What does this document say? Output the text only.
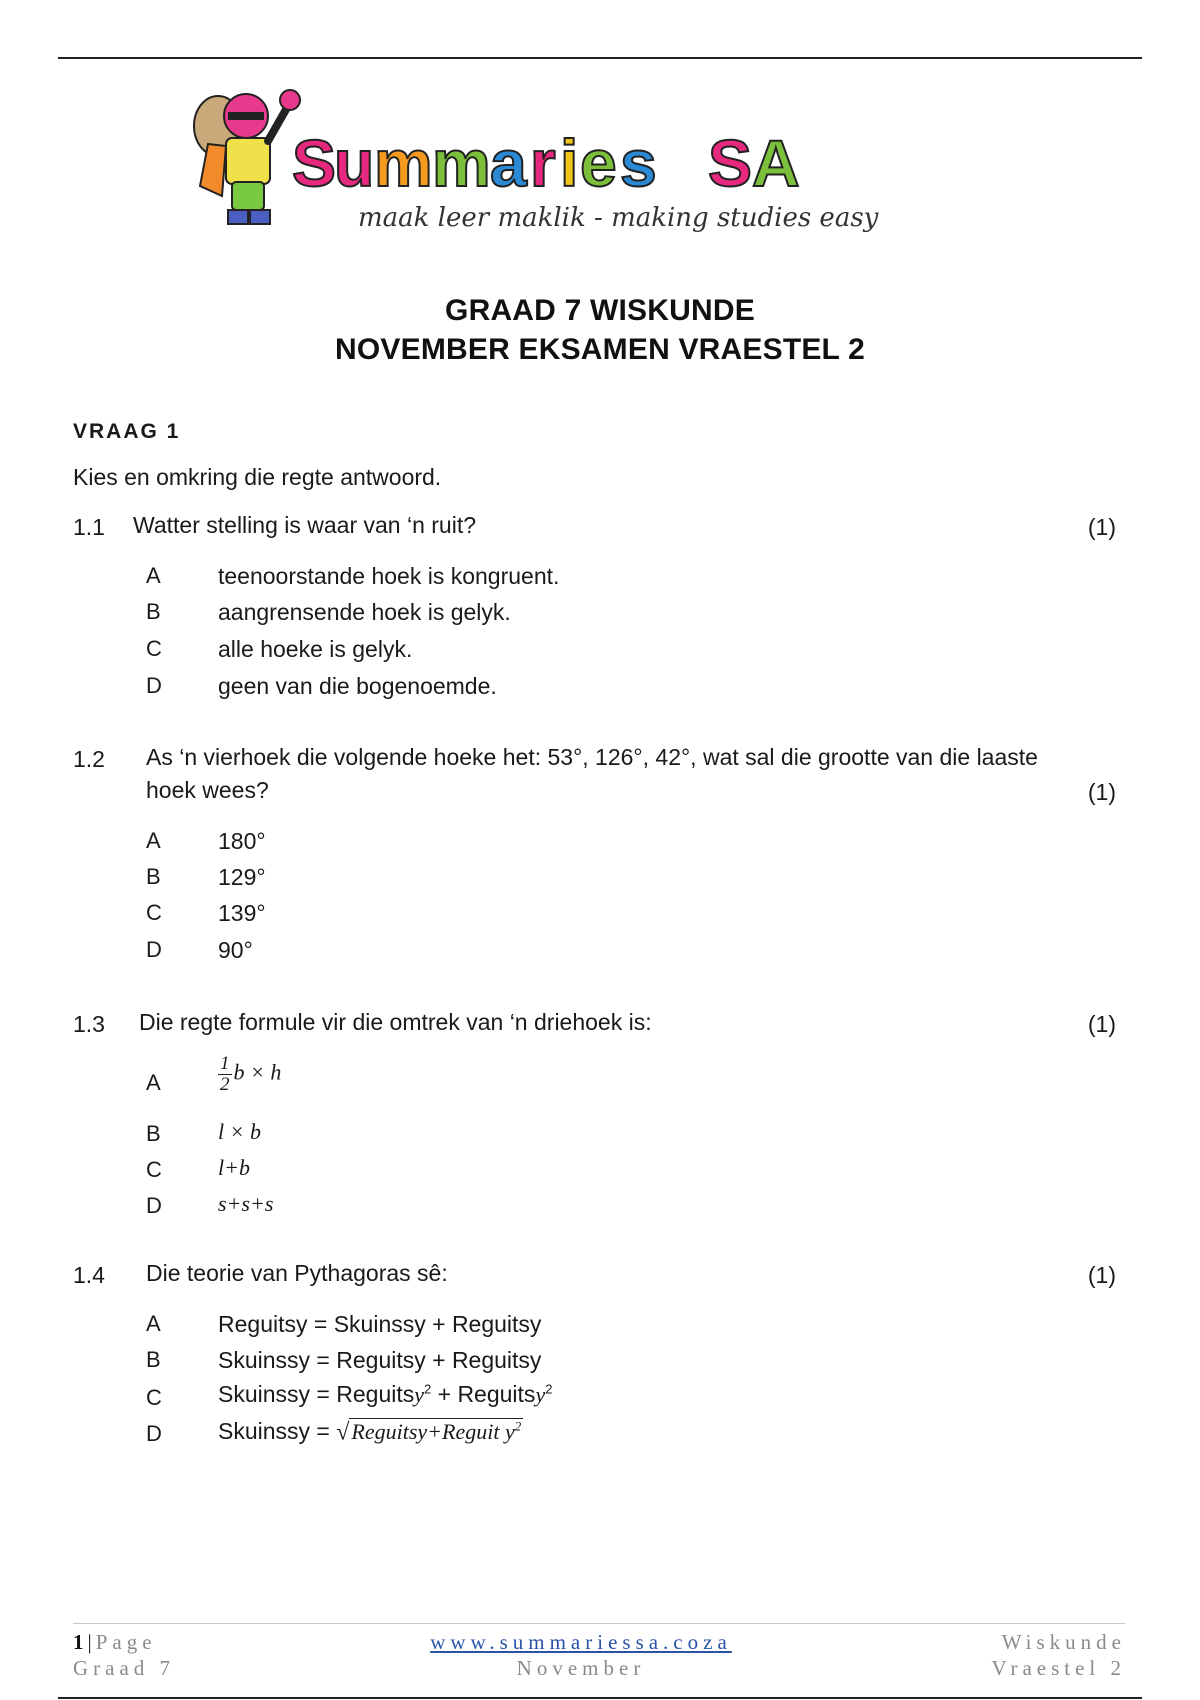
S
u m m a r i e s S A
maak leer maklik - making studies easy
GRAAD 7 WISKUNDE
NOVEMBER EKSAMEN VRAESTEL 2
VRAAG 1
Kies en omkring die regte antwoord.
1.1 Watter stelling is waar van ‘n ruit?	(1)
A teenoorstande hoek is kongruent.
B aangrensende hoek is gelyk.
C alle hoeke is gelyk.
D geen van die bogenoemde.
1.2 As ‘n vierhoek die volgende hoeke het: 53°, 126°, 42°, wat sal die grootte van die laaste
hoek wees?	(1)
A 180°
B 129°
C 139°
D 90°
1.3 Die regte formule vir die omtrek van ‘n driehoek is:	(1)
A	$\frac{1}{2}$ b × h
B	l × b
C	l+b
D	s+s+s
1.4 Die teorie van Pythagoras sê:	(1)
A Reguitsy = Skuinssy + Reguitsy
B Skuinssy = Reguitsy + Reguitsy
C Skuinssy = Reguitsy$^2$ + Reguitsy$^2$
D Skuinssy = √Reguitsy+Reguit $y^2$
1 | Page
Graad 7
www.summariessa.coza
November
Wiskunde
Vraestel 2
